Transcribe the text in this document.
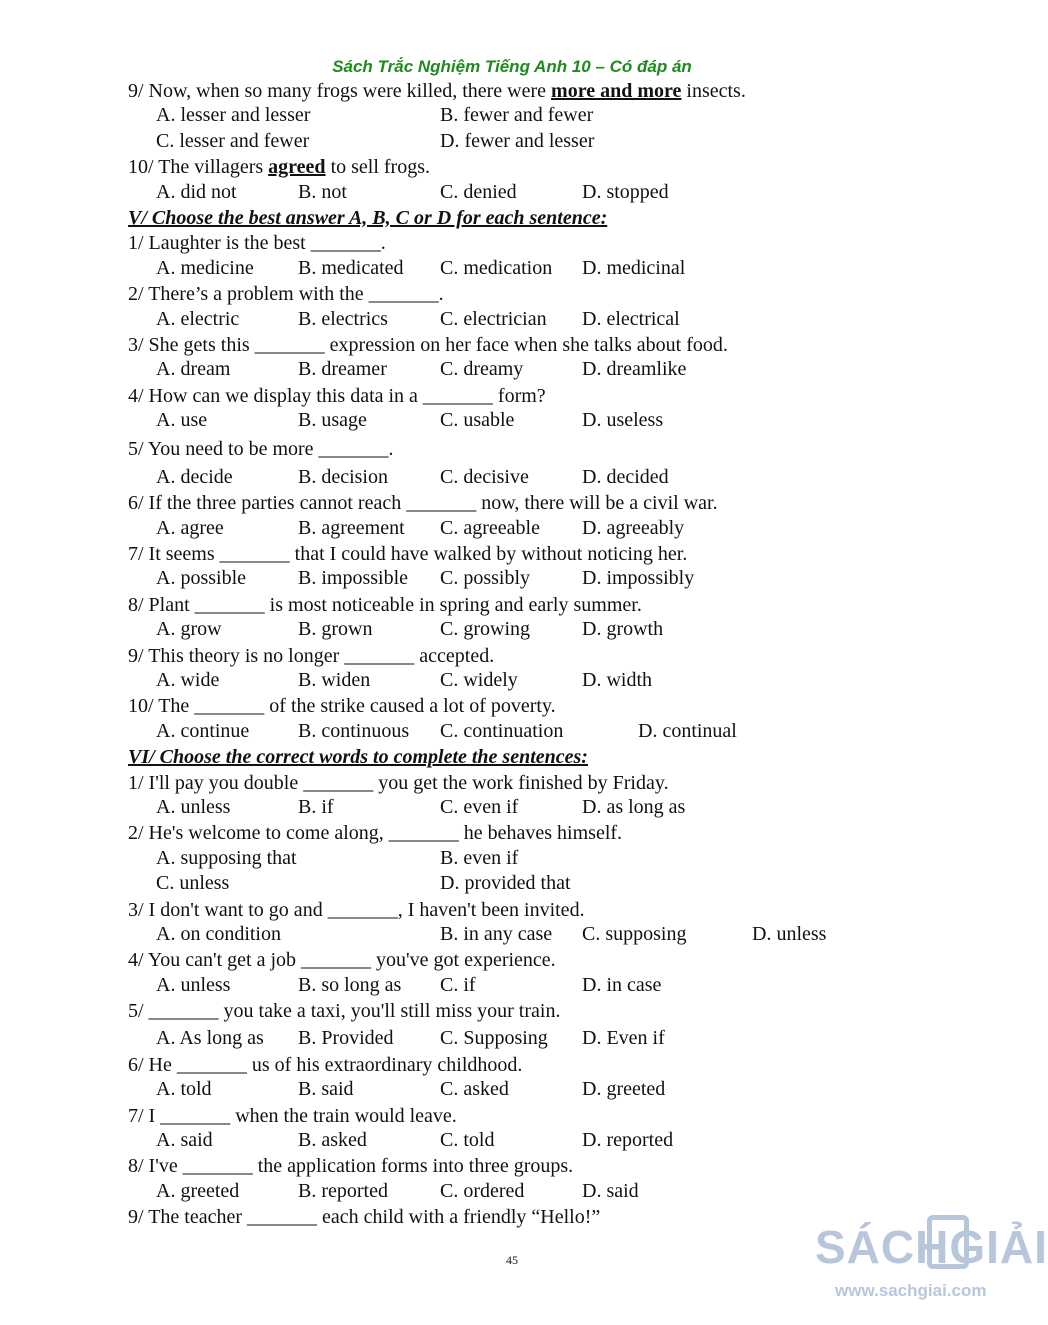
Sách Trắc Nghiệm Tiếng Anh 10 – Có đáp án
9/ Now, when so many frogs were killed, there were more and more insects.
A. lesser and lesser	B. fewer and fewer
C. lesser and fewer	D. fewer and lesser
10/ The villagers agreed to sell frogs.
A. did not	B. not	C. denied	D. stopped
V/ Choose the best answer A, B, C or D for each sentence:
1/ Laughter is the best _______.
A. medicine B. medicated C. medication D. medicinal
2/ There’s a problem with the _______.
A. electric	B. electrics	C. electrician D. electrical
3/ She gets this _______ expression on her face when she talks about food.
A. dream	B. dreamer	C. dreamy	D. dreamlike
4/ How can we display this data in a _______ form?
A. use	B. usage	C. usable	D. useless
5/ You need to be more _______.
A. decide	B. decision	C. decisive	D. decided
6/ If the three parties cannot reach _______ now, there will be a civil war.
A. agree	B. agreement C. agreeable D. agreeably
7/ It seems _______ that I could have walked by without noticing her.
A. possible	B. impossible C. possibly	D. impossibly
8/ Plant _______ is most noticeable in spring and early summer.
A. grow	B. grown	C. growing	D. growth
9/ This theory is no longer _______ accepted.
A. wide	B. widen	C. widely	D. width
10/ The _______ of the strike caused a lot of poverty.
A. continue B. continuous C. continuation	D. continual
VI/ Choose the correct words to complete the sentences:
1/ I'll pay you double _______ you get the work finished by Friday.
A. unless	B. if	C. even if	D. as long as
2/ He's welcome to come along, _______ he behaves himself.
A. supposing that	B. even if
C. unless	D. provided that
3/ I don't want to go and _______, I haven't been invited.
A. on condition	B. in any case C. supposing	D. unless
4/ You can't get a job _______ you've got experience.
A. unless	B. so long as C. if	D. in case
5/ _______ you take a taxi, you'll still miss your train.
A. As long as B. Provided C. Supposing D. Even if
6/ He _______ us of his extraordinary childhood.
A. told	B. said	C. asked	D. greeted
7/ I _______ when the train would leave.
A. said	B. asked	C. told	D. reported
8/ I've _______ the application forms into three groups.
A. greeted	B. reported	C. ordered	D. said
9/ The teacher _______ each child with a friendly “Hello!”
45	SÁCHGIẢI
www.sachgiai.com
